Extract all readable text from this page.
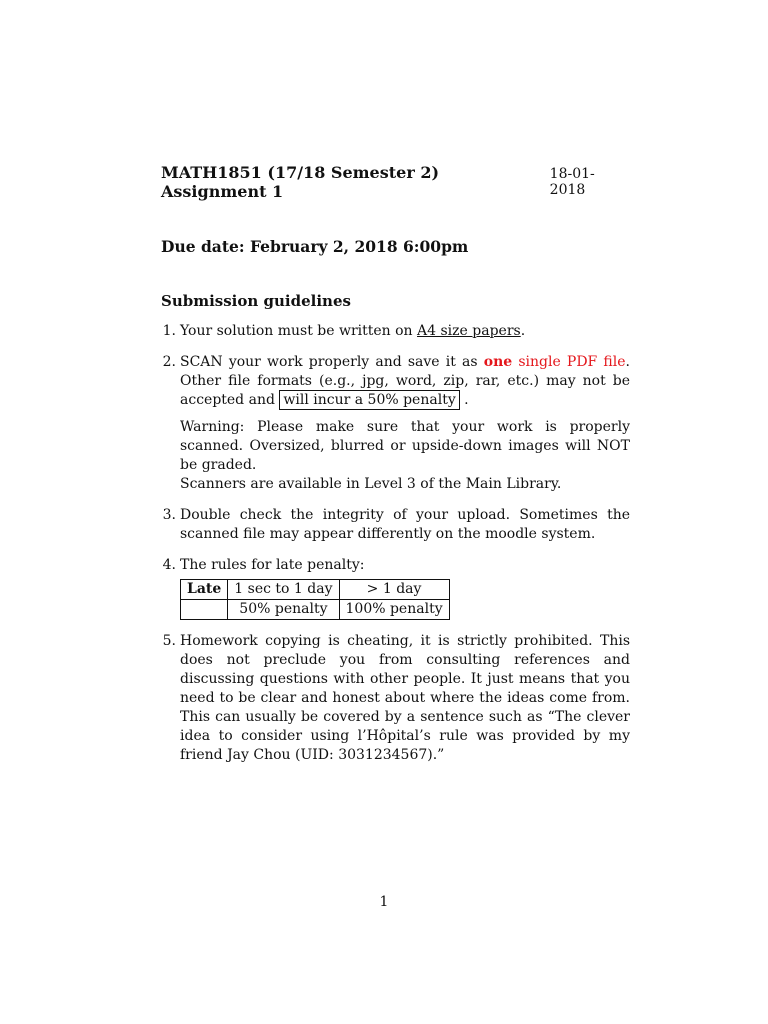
MATH1851 (17/18 Semester 2) Assignment 1
18-01-2018
Due date: February 2, 2018 6:00pm
Submission guidelines
1. Your solution must be written on A4 size papers.

2. SCAN your work properly and save it as one single PDF file. Other file formats (e.g., jpg, word, zip, rar, etc.) may not be accepted and will incur a 50% penalty .

Warning: Please make sure that your work is properly scanned. Oversized, blurred or upside-down images will NOT be graded.
Scanners are available in Level 3 of the Main Library.

3. Double check the integrity of your upload. Sometimes the scanned file may appear differently on the moodle system.

4. The rules for late penalty:

Late	1 sec to 1 day	> 1 day
	50% penalty	100% penalty
5. Homework copying is cheating, it is strictly prohibited. This does not preclude you from consulting references and discussing questions with other people. It just means that you need to be clear and honest about where the ideas come from. This can usually be covered by a sentence such as “The clever idea to consider using l’Hôpital’s rule was provided by my friend Jay Chou (UID: 3031234567).”

1
